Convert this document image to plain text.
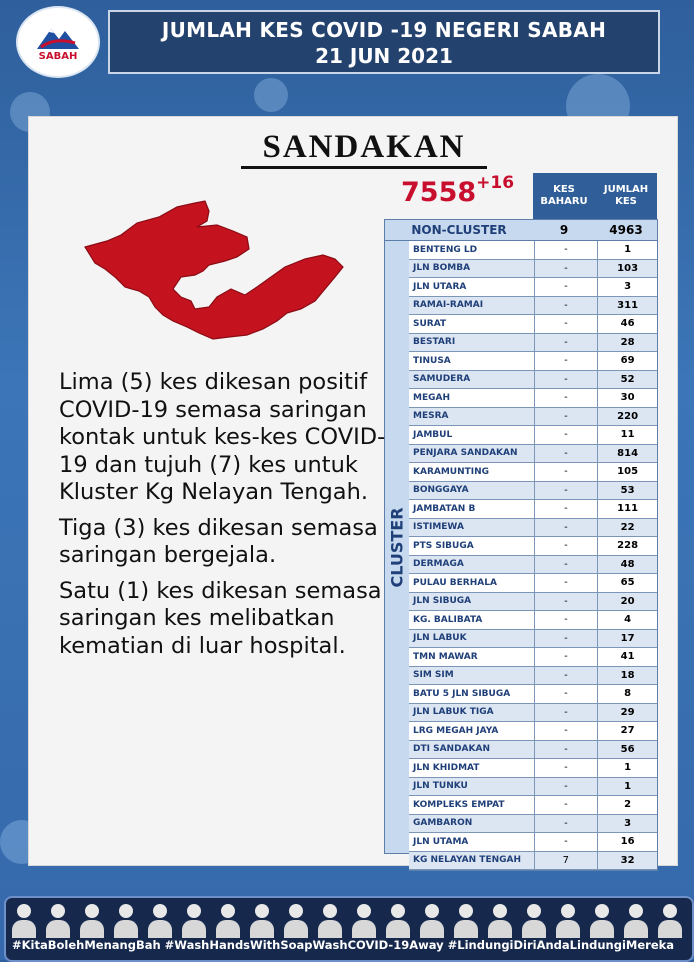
SABAH
JUMLAH KES COVID -19 NEGERI SABAH
21 JUN 2021
SANDAKAN
7558+16	KES BAHARU
JUMLAH KES
NON-CLUSTER	9	4963
CLUSTER
BENTENG LD	-	1
JLN BOMBA	-	103
JLN UTARA	-	3
RAMAI-RAMAI	-	311
SURAT	-	46
BESTARI	-	28
TINUSA	-	69
SAMUDERA	-	52
MEGAH	-	30
MESRA	-	220
JAMBUL	-	11
PENJARA SANDAKAN	-	814
KARAMUNTING	-	105
BONGGAYA	-	53
JAMBATAN B	-	111
ISTIMEWA	-	22
PTS SIBUGA	-	228
DERMAGA	-	48
PULAU BERHALA	-	65
JLN SIBUGA	-	20
KG. BALIBATA	-	4
JLN LABUK	-	17
TMN MAWAR	-	41
SIM SIM	-	18
BATU 5 JLN SIBUGA	-	8
JLN LABUK TIGA	-	29
LRG MEGAH JAYA	-	27
DTI SANDAKAN	-	56
JLN KHIDMAT	-	1
JLN TUNKU	-	1
KOMPLEKS EMPAT	-	2
GAMBARON	-	3
JLN UTAMA	-	16
KG NELAYAN TENGAH	7	32

Lima (5) kes dikesan positif COVID-19 semasa saringan kontak untuk kes-kes COVID-19 dan tujuh (7) kes untuk Kluster Kg Nelayan Tengah.

Tiga (3) kes dikesan semasa saringan bergejala.

Satu (1) kes dikesan semasa saringan kes melibatkan kematian di luar hospital.

#KitaBolehMenangBah #WashHandsWithSoapWashCOVID-19Away #LindungiDiriAndaLindungiMereka
